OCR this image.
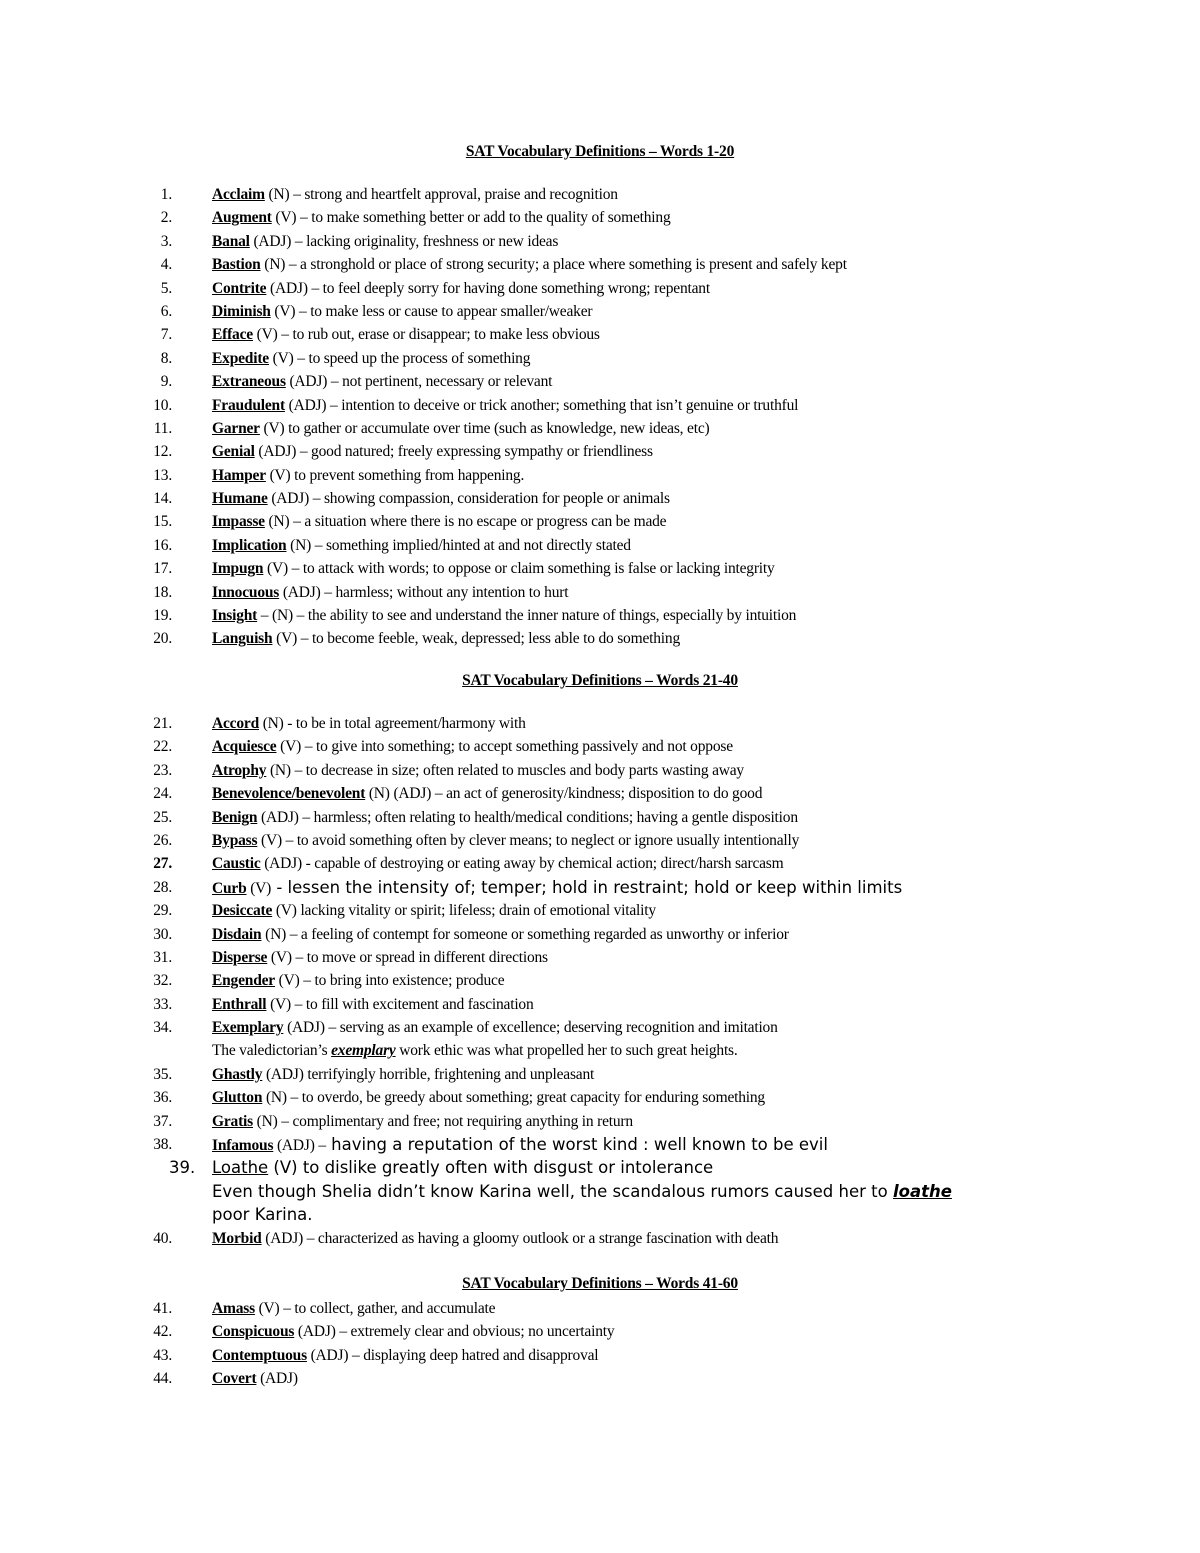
SAT Vocabulary Definitions – Words 1-20
1.	Acclaim (N) – strong and heartfelt approval, praise and recognition
2.	Augment (V) – to make something better or add to the quality of something
3.	Banal (ADJ) – lacking originality, freshness or new ideas
4.	Bastion (N) – a stronghold or place of strong security; a place where something is present and safely kept
5.	Contrite (ADJ) – to feel deeply sorry for having done something wrong; repentant
6.	Diminish (V) – to make less or cause to appear smaller/weaker
7.	Efface (V) – to rub out, erase or disappear; to make less obvious
8.	Expedite (V) – to speed up the process of something
9.	Extraneous (ADJ) – not pertinent, necessary or relevant
10.	Fraudulent (ADJ) – intention to deceive or trick another; something that isn’t genuine or truthful
11.	Garner (V) to gather or accumulate over time (such as knowledge, new ideas, etc)
12.	Genial (ADJ) – good natured; freely expressing sympathy or friendliness
13.	Hamper (V) to prevent something from happening.
14.	Humane (ADJ) – showing compassion, consideration for people or animals
15.	Impasse (N) – a situation where there is no escape or progress can be made
16.	Implication (N) – something implied/hinted at and not directly stated
17.	Impugn (V) – to attack with words; to oppose or claim something is false or lacking integrity
18.	Innocuous (ADJ) – harmless; without any intention to hurt
19.	Insight – (N) – the ability to see and understand the inner nature of things, especially by intuition
20.	Languish (V) – to become feeble, weak, depressed; less able to do something
SAT Vocabulary Definitions – Words 21-40
21.	Accord (N) - to be in total agreement/harmony with
22.	Acquiesce (V) – to give into something; to accept something passively and not oppose
23.	Atrophy (N) – to decrease in size; often related to muscles and body parts wasting away
24.	Benevolence/benevolent (N) (ADJ) – an act of generosity/kindness; disposition to do good
25.	Benign (ADJ) – harmless; often relating to health/medical conditions; having a gentle disposition
26.	Bypass (V) – to avoid something often by clever means; to neglect or ignore usually intentionally
27.	Caustic (ADJ) - capable of destroying or eating away by chemical action; direct/harsh sarcasm
28.	Curb (V) - lessen the intensity of; temper; hold in restraint; hold or keep within limits
29.	Desiccate (V) lacking vitality or spirit; lifeless; drain of emotional vitality
30.	Disdain (N) – a feeling of contempt for someone or something regarded as unworthy or inferior
31.	Disperse (V) – to move or spread in different directions
32.	Engender (V) – to bring into existence; produce
33.	Enthrall (V) – to fill with excitement and fascination
34.	Exemplary (ADJ) – serving as an example of excellence; deserving recognition and imitation
The valedictorian’s exemplary work ethic was what propelled her to such great heights.
35.	Ghastly (ADJ) terrifyingly horrible, frightening and unpleasant
36.	Glutton (N) – to overdo, be greedy about something; great capacity for enduring something
37.	Gratis (N) – complimentary and free; not requiring anything in return
38.	Infamous (ADJ) – having a reputation of the worst kind : well known to be evil
39.	Loathe (V) to dislike greatly often with disgust or intolerance
Even though Shelia didn’t know Karina well, the scandalous rumors caused her to loathe
poor Karina.
40.	Morbid (ADJ) – characterized as having a gloomy outlook or a strange fascination with death
SAT Vocabulary Definitions – Words 41-60
41.	Amass (V) – to collect, gather, and accumulate
42.	Conspicuous (ADJ) – extremely clear and obvious; no uncertainty
43.	Contemptuous (ADJ) – displaying deep hatred and disapproval
44.	Covert (ADJ)
